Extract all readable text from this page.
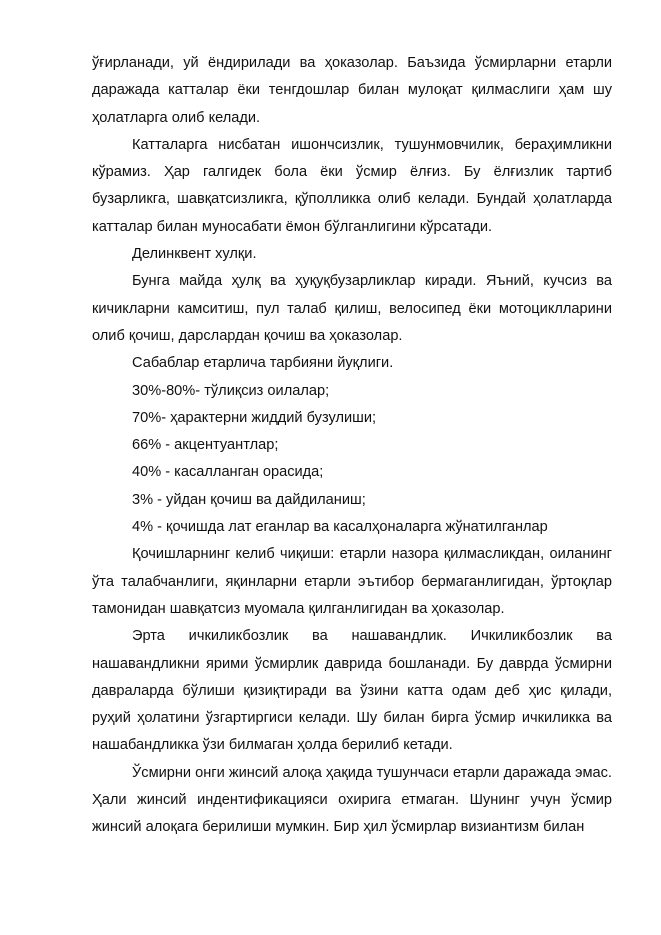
ўғирланади, уй ёндирилади ва ҳоказолар. Баъзида ўсмирларни етарли даражада катталар ёки тенгдошлар билан мулоқат қилмаслиги ҳам шу ҳолатларга олиб келади.

Катталарга нисбатан ишончсизлик, тушунмовчилик, бераҳимликни кўрамиз. Ҳар галгидек бола ёки ўсмир ёлғиз. Бу ёлғизлик тартиб бузарликга, шавқатсизликга, қўполликка олиб келади. Бундай ҳолатларда катталар билан муносабати ёмон бўлганлигини кўрсатади.

Делинквент хулқи.

Бунга майда ҳулқ ва ҳуқуқбузарликлар киради. Яъний, кучсиз ва кичикларни камситиш, пул талаб қилиш, велосипед ёки мотоциклларини олиб қочиш, дарслардан қочиш ва ҳоказолар.

Сабаблар етарлича тарбияни йуқлиги.

30%-80%- тўлиқсиз оилалар;

70%- ҳарактерни жиддий бузулиши;

66% - акцентуантлар;

40% - касалланган орасида;

3% - уйдан қочиш ва дайдиланиш;

4% - қочишда лат еганлар ва касалҳоналарга жўнатилганлар

Қочишларнинг келиб чиқиши: етарли назора қилмасликдан, оиланинг ўта талабчанлиги, яқинларни етарли эътибор бермаганлигидан, ўртоқлар тамонидан шавқатсиз муомала қилганлигидан ва ҳоказолар.

Эрта ичкиликбозлик ва нашавандлик. Ичкиликбозлик ва нашавандликни ярими ўсмирлик даврида бошланади. Бу даврда ўсмирни давраларда бўлиши қизиқтиради ва ўзини катта одам деб ҳис қилади, руҳий ҳолатини ўзгартиргиси келади. Шу билан бирга ўсмир ичкиликка ва нашабандликка ўзи билмаган ҳолда берилиб кетади.

Ўсмирни онги жинсий алоқа ҳақида тушунчаси етарли даражада эмас. Ҳали жинсий индентификацияси охирига етмаган. Шунинг учун ўсмир жинсий алоқага берилиши мумкин. Бир ҳил ўсмирлар визиантизм билан
